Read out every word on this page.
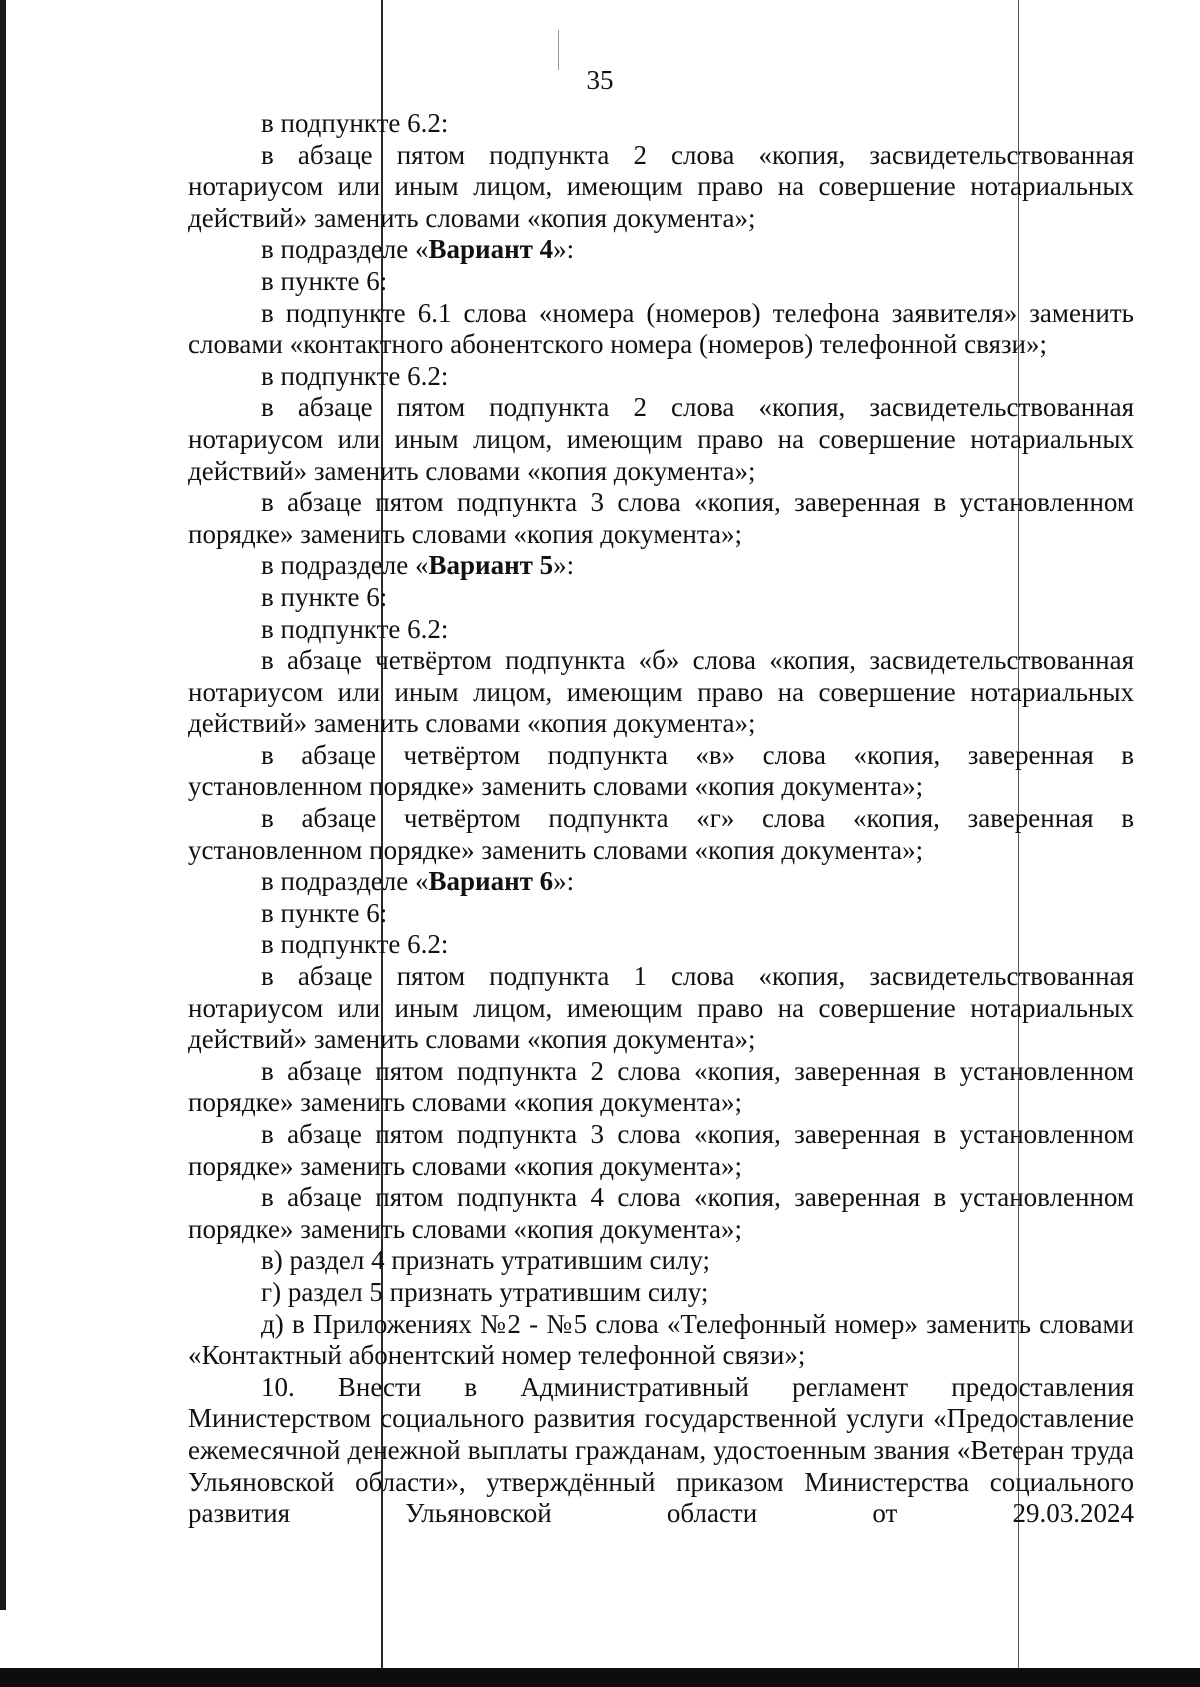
35

в подпункте 6.2:

в абзаце пятом подпункта 2 слова «копия, засвидетельствованная нотариусом или иным лицом, имеющим право на совершение нотариальных действий» заменить словами «копия документа»;

в подразделе «Вариант 4»:

в пункте 6:

в подпункте 6.1 слова «номера (номеров) телефона заявителя» заменить словами «контактного абонентского номера (номеров) телефонной связи»;

в подпункте 6.2:

в абзаце пятом подпункта 2 слова «копия, засвидетельствованная нотариусом или иным лицом, имеющим право на совершение нотариальных действий» заменить словами «копия документа»;

в абзаце пятом подпункта 3 слова «копия, заверенная в установленном порядке» заменить словами «копия документа»;

в подразделе «Вариант 5»:

в пункте 6:

в подпункте 6.2:

в абзаце четвёртом подпункта «б» слова «копия, засвидетельствованная нотариусом или иным лицом, имеющим право на совершение нотариальных действий» заменить словами «копия документа»;

в абзаце четвёртом подпункта «в» слова «копия, заверенная в установленном порядке» заменить словами «копия документа»;

в абзаце четвёртом подпункта «г» слова «копия, заверенная в установленном порядке» заменить словами «копия документа»;

в подразделе «Вариант 6»:

в пункте 6:

в подпункте 6.2:

в абзаце пятом подпункта 1 слова «копия, засвидетельствованная нотариусом или иным лицом, имеющим право на совершение нотариальных действий» заменить словами «копия документа»;

в абзаце пятом подпункта 2 слова «копия, заверенная в установленном порядке» заменить словами «копия документа»;

в абзаце пятом подпункта 3 слова «копия, заверенная в установленном порядке» заменить словами «копия документа»;

в абзаце пятом подпункта 4 слова «копия, заверенная в установленном порядке» заменить словами «копия документа»;

в) раздел 4 признать утратившим силу;

г) раздел 5 признать утратившим силу;

д) в Приложениях №2 - №5 слова «Телефонный номер» заменить словами «Контактный абонентский номер телефонной связи»;

10. Внести в Административный регламент предоставления Министерством социального развития государственной услуги «Предоставление ежемесячной денежной выплаты гражданам, удостоенным звания «Ветеран труда Ульяновской области», утверждённый приказом Министерства социального развития Ульяновской области от 29.03.2024
